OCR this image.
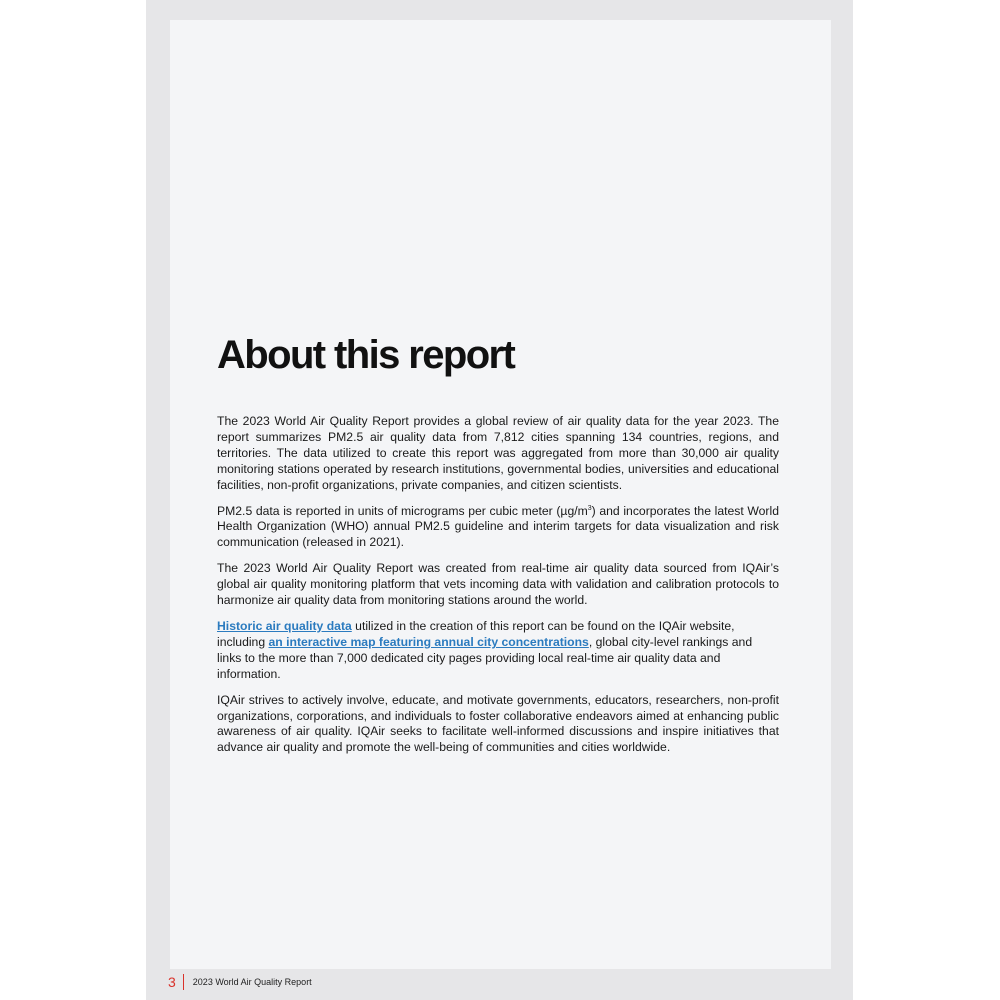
About this report

The 2023 World Air Quality Report provides a global review of air quality data for the year 2023. The report summarizes PM2.5 air quality data from 7,812 cities spanning 134 countries, regions, and territories. The data utilized to create this report was aggregated from more than 30,000 air quality monitoring stations operated by research institutions, governmental bodies, universities and educational facilities, non-profit organizations, private companies, and citizen scientists.

PM2.5 data is reported in units of micrograms per cubic meter $(\mu g/m^3)$ and incorporates the latest World Health Organization (WHO) annual PM2.5 guideline and interim targets for data visualization and risk communication (released in 2021).

The 2023 World Air Quality Report was created from real-time air quality data sourced from IQAir’s global air quality monitoring platform that vets incoming data with validation and calibration protocols to harmonize air quality data from monitoring stations around the world.

Historic air quality data utilized in the creation of this report can be found on the IQAir website, including an interactive map featuring annual city concentrations, global city-level rankings and links to the more than 7,000 dedicated city pages providing local real-time air quality data and information.

IQAir strives to actively involve, educate, and motivate governments, educators, researchers, non-profit organizations, corporations, and individuals to foster collaborative endeavors aimed at enhancing public awareness of air quality. IQAir seeks to facilitate well-informed discussions and inspire initiatives that advance air quality and promote the well-being of communities and cities worldwide.

3 2023 World Air Quality Report
